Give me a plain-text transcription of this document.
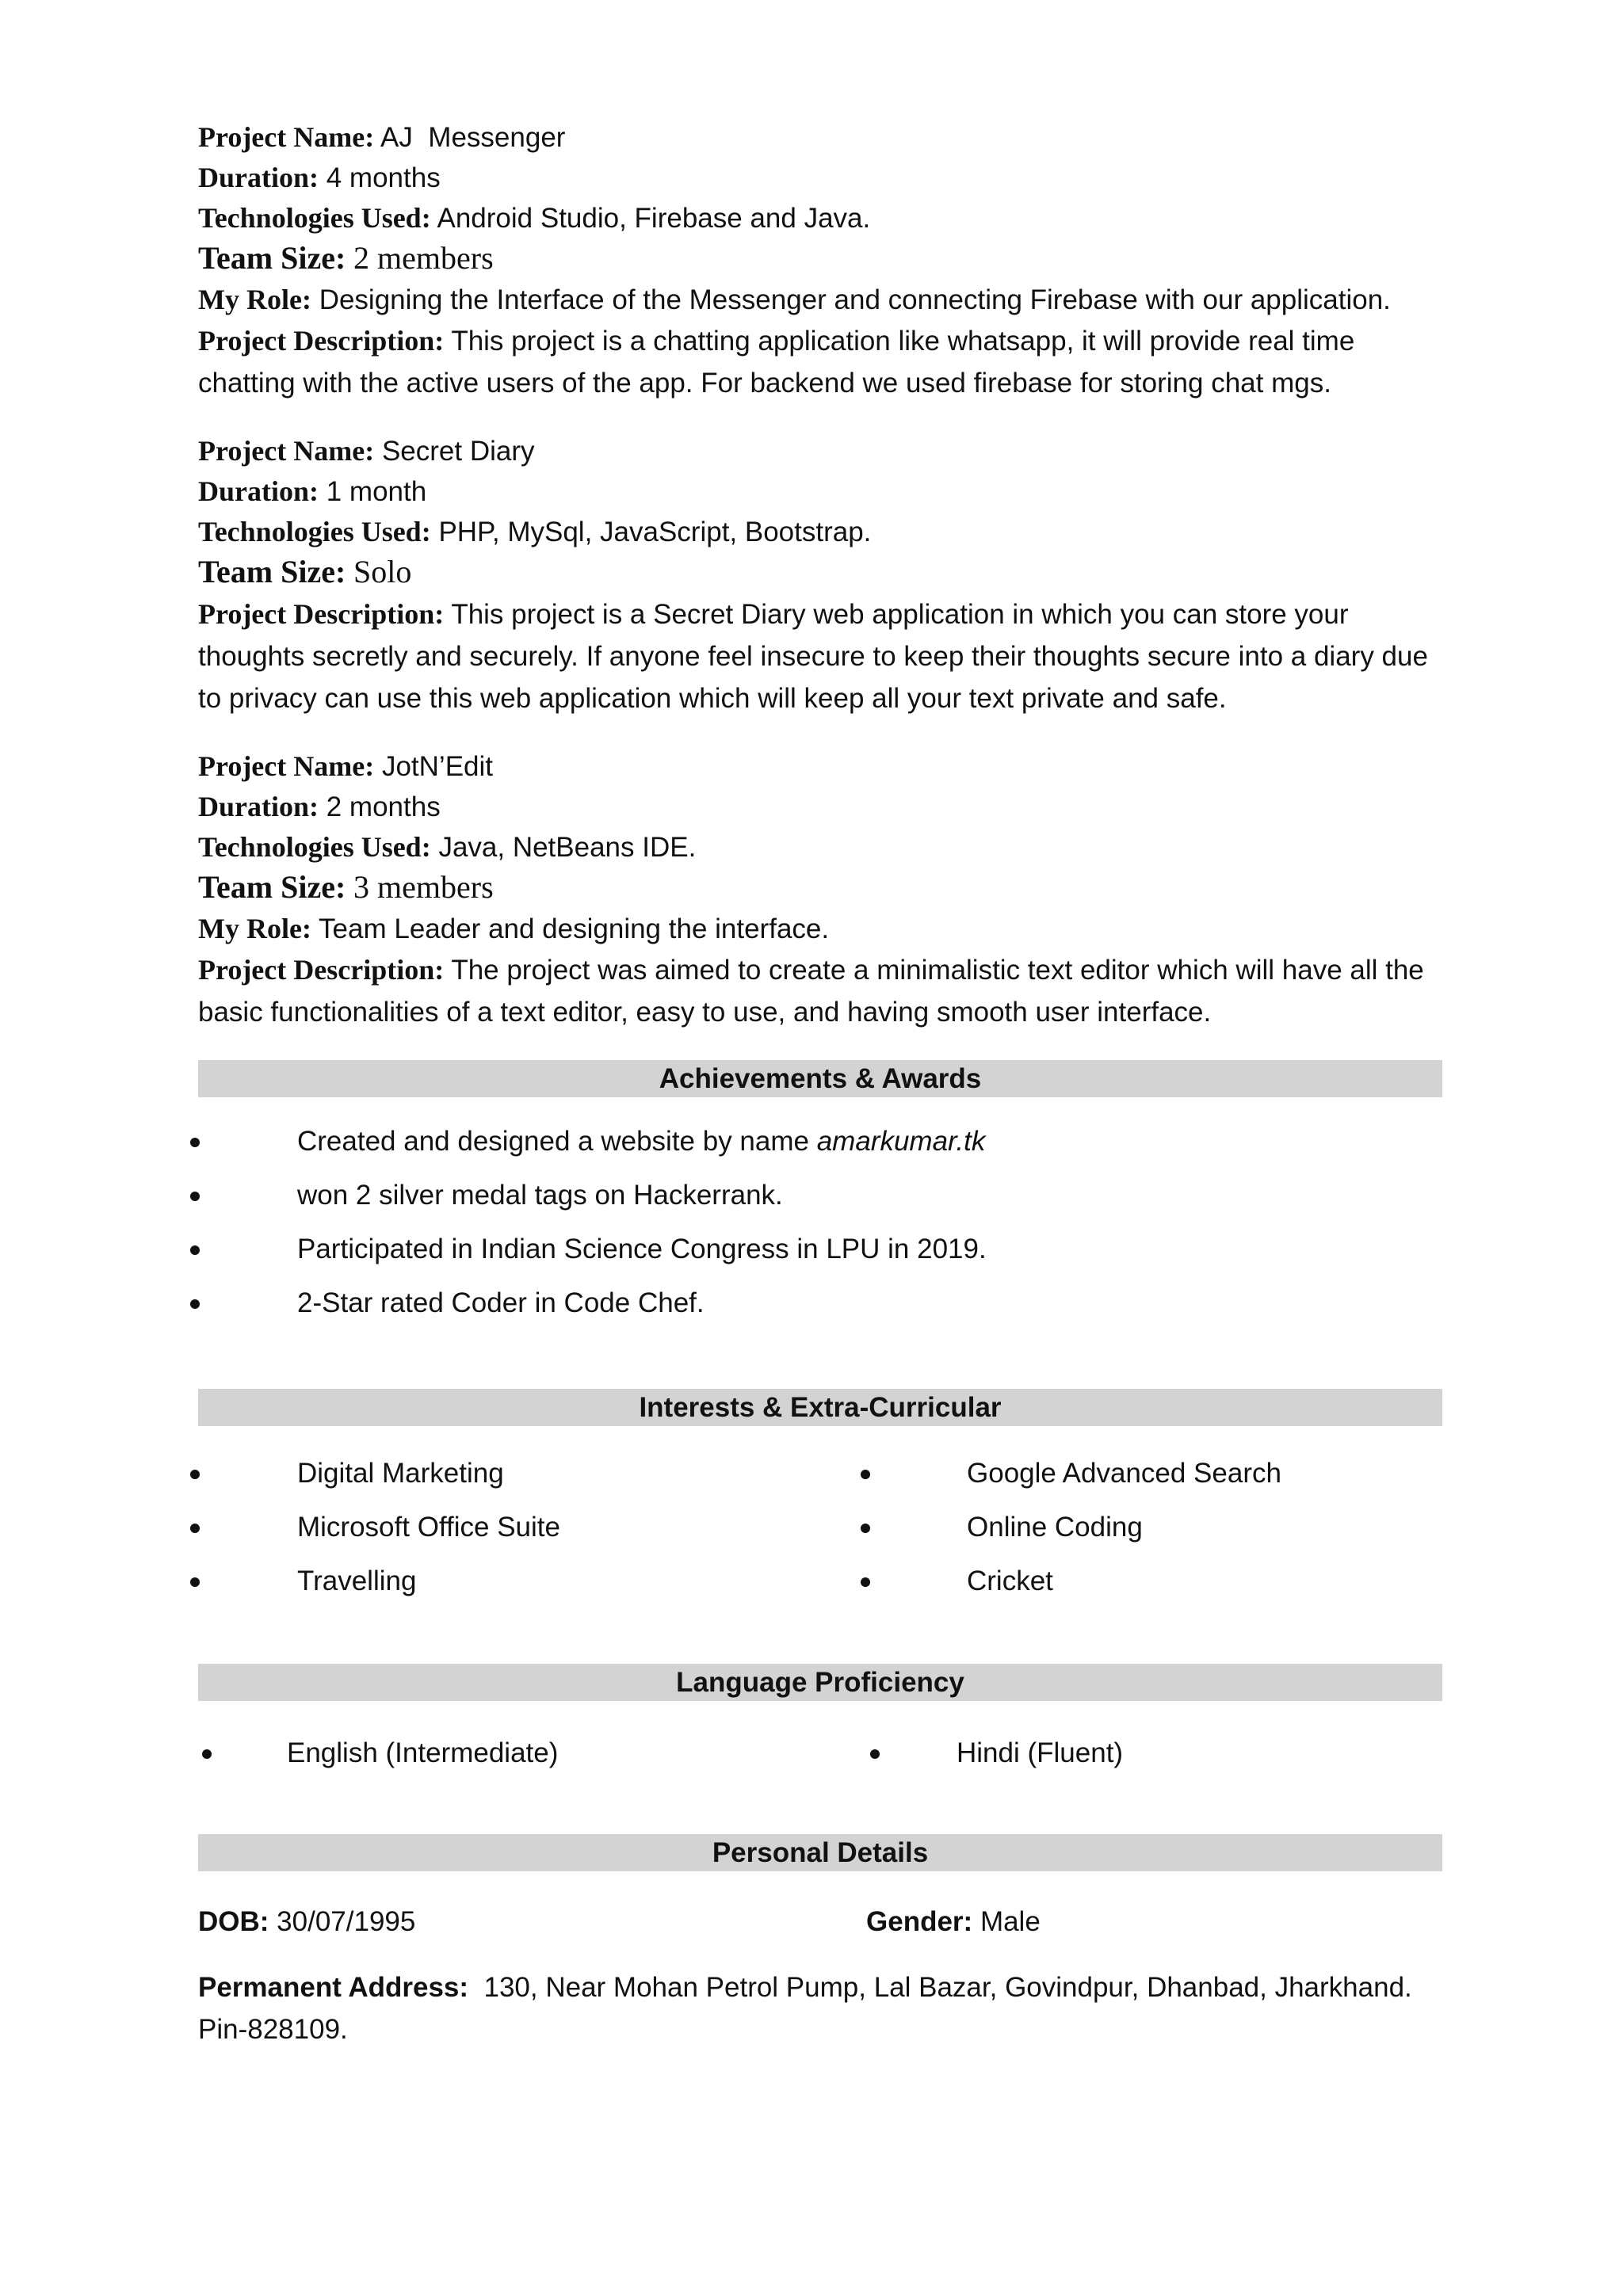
Project Name: AJ  Messenger
Duration: 4 months
Technologies Used: Android Studio, Firebase and Java.
Team Size: 2 members
My Role: Designing the Interface of the Messenger and connecting Firebase with our application.
Project Description: This project is a chatting application like whatsapp, it will provide real time chatting with the active users of the app. For backend we used firebase for storing chat mgs.
Project Name: Secret Diary
Duration: 1 month
Technologies Used: PHP, MySql, JavaScript, Bootstrap.
Team Size: Solo
Project Description: This project is a Secret Diary web application in which you can store your thoughts secretly and securely. If anyone feel insecure to keep their thoughts secure into a diary due to privacy can use this web application which will keep all your text private and safe.
Project Name: JotN’Edit
Duration: 2 months
Technologies Used: Java, NetBeans IDE.
Team Size: 3 members
My Role: Team Leader and designing the interface.
Project Description: The project was aimed to create a minimalistic text editor which will have all the basic functionalities of a text editor, easy to use, and having smooth user interface.
Achievements & Awards
Created and designed a website by name amarkumar.tk
won 2 silver medal tags on Hackerrank.
Participated in Indian Science Congress in LPU in 2019.
2-Star rated Coder in Code Chef.
Interests & Extra-Curricular
Digital Marketing	Google Advanced Search
Microsoft Office Suite	Online Coding
Travelling	Cricket
Language Proficiency
English (Intermediate)	Hindi (Fluent)
Personal Details
DOB: 30/07/1995	Gender: Male
Permanent Address: 130, Near Mohan Petrol Pump, Lal Bazar, Govindpur, Dhanbad, Jharkhand. Pin-828109.
